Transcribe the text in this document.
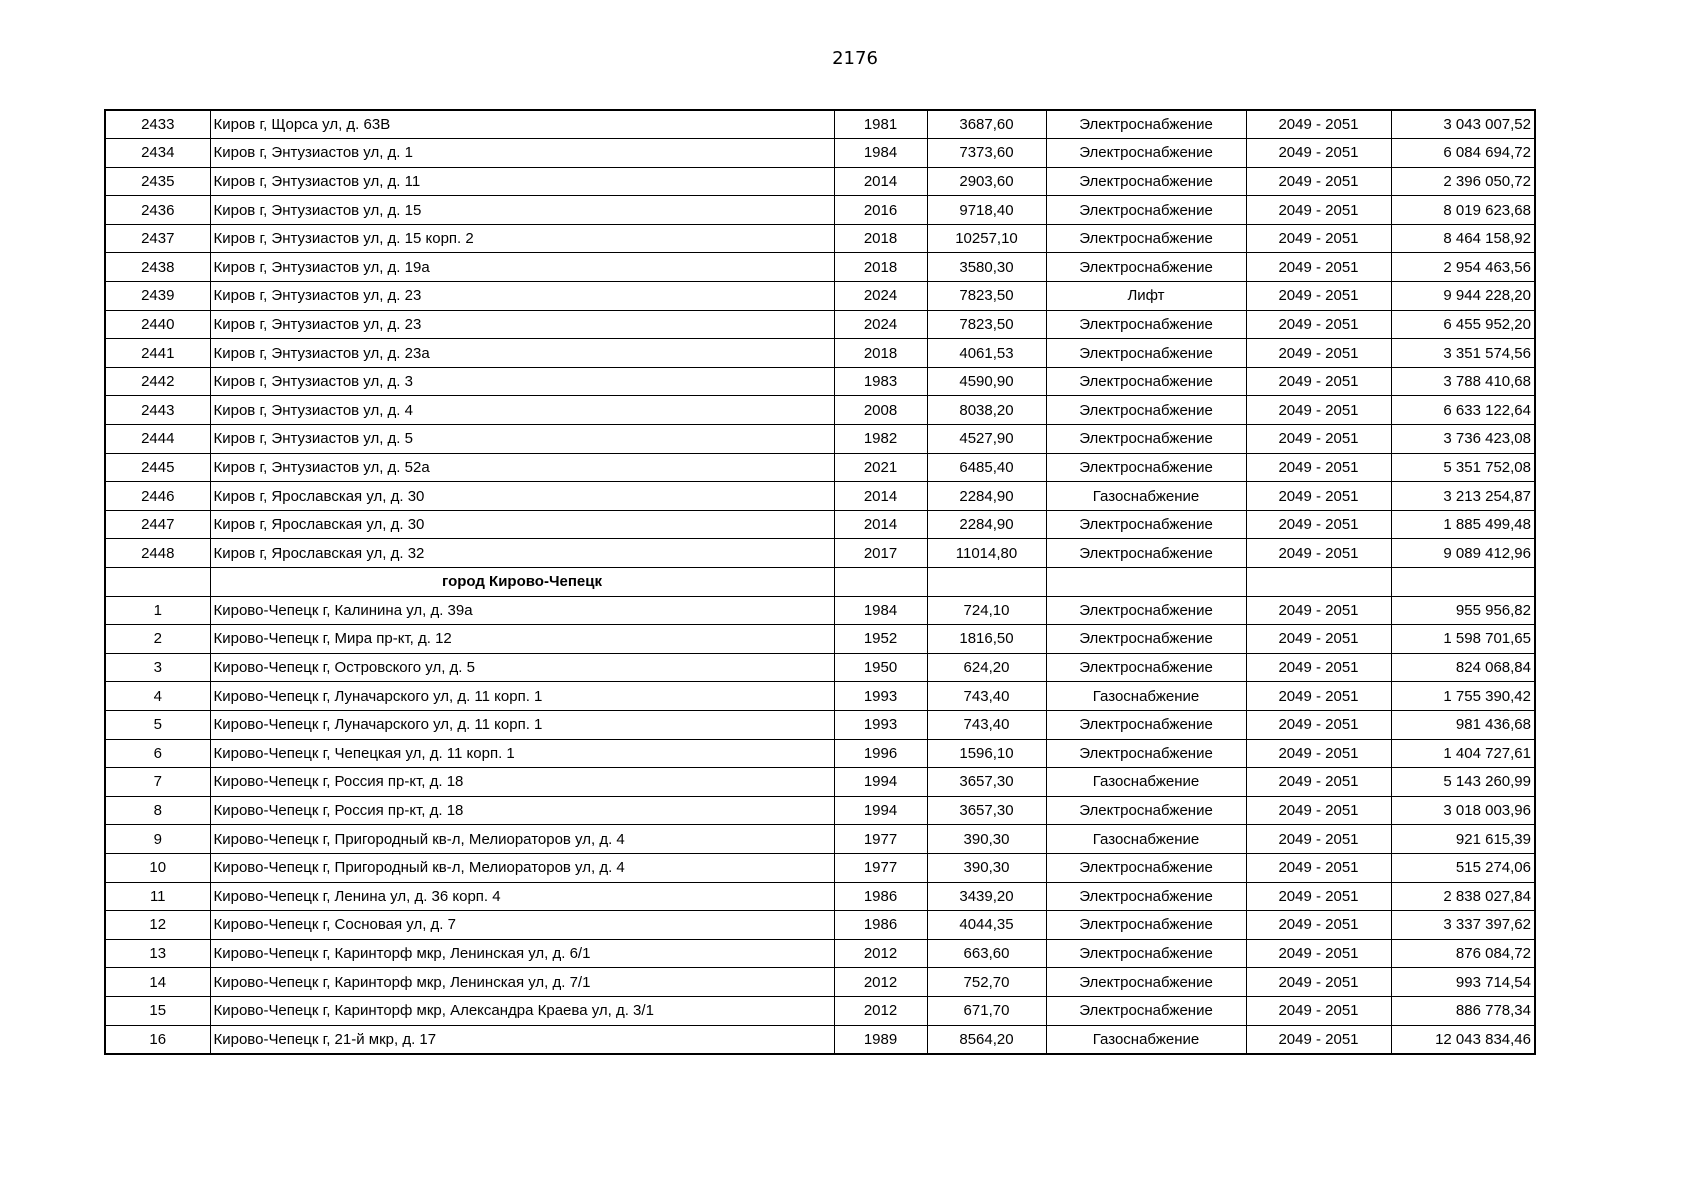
2176
2433	Киров г, Щорса ул, д. 63В	1981	3687,60	Электроснабжение	2049 - 2051	3 043 007,52
2434	Киров г, Энтузиастов ул, д. 1	1984	7373,60	Электроснабжение	2049 - 2051	6 084 694,72
2435	Киров г, Энтузиастов ул, д. 11	2014	2903,60	Электроснабжение	2049 - 2051	2 396 050,72
2436	Киров г, Энтузиастов ул, д. 15	2016	9718,40	Электроснабжение	2049 - 2051	8 019 623,68
2437	Киров г, Энтузиастов ул, д. 15 корп. 2	2018	10257,10	Электроснабжение	2049 - 2051	8 464 158,92
2438	Киров г, Энтузиастов ул, д. 19а	2018	3580,30	Электроснабжение	2049 - 2051	2 954 463,56
2439	Киров г, Энтузиастов ул, д. 23	2024	7823,50	Лифт	2049 - 2051	9 944 228,20
2440	Киров г, Энтузиастов ул, д. 23	2024	7823,50	Электроснабжение	2049 - 2051	6 455 952,20
2441	Киров г, Энтузиастов ул, д. 23а	2018	4061,53	Электроснабжение	2049 - 2051	3 351 574,56
2442	Киров г, Энтузиастов ул, д. 3	1983	4590,90	Электроснабжение	2049 - 2051	3 788 410,68
2443	Киров г, Энтузиастов ул, д. 4	2008	8038,20	Электроснабжение	2049 - 2051	6 633 122,64
2444	Киров г, Энтузиастов ул, д. 5	1982	4527,90	Электроснабжение	2049 - 2051	3 736 423,08
2445	Киров г, Энтузиастов ул, д. 52а	2021	6485,40	Электроснабжение	2049 - 2051	5 351 752,08
2446	Киров г, Ярославская ул, д. 30	2014	2284,90	Газоснабжение	2049 - 2051	3 213 254,87
2447	Киров г, Ярославская ул, д. 30	2014	2284,90	Электроснабжение	2049 - 2051	1 885 499,48
2448	Киров г, Ярославская ул, д. 32	2017	11014,80	Электроснабжение	2049 - 2051	9 089 412,96
	город Кирово-Чепецк					
1	Кирово-Чепецк г, Калинина ул, д. 39а	1984	724,10	Электроснабжение	2049 - 2051	955 956,82
2	Кирово-Чепецк г, Мира пр-кт, д. 12	1952	1816,50	Электроснабжение	2049 - 2051	1 598 701,65
3	Кирово-Чепецк г, Островского ул, д. 5	1950	624,20	Электроснабжение	2049 - 2051	824 068,84
4	Кирово-Чепецк г, Луначарского ул, д. 11 корп. 1	1993	743,40	Газоснабжение	2049 - 2051	1 755 390,42
5	Кирово-Чепецк г, Луначарского ул, д. 11 корп. 1	1993	743,40	Электроснабжение	2049 - 2051	981 436,68
6	Кирово-Чепецк г, Чепецкая ул, д. 11 корп. 1	1996	1596,10	Электроснабжение	2049 - 2051	1 404 727,61
7	Кирово-Чепецк г, Россия пр-кт, д. 18	1994	3657,30	Газоснабжение	2049 - 2051	5 143 260,99
8	Кирово-Чепецк г, Россия пр-кт, д. 18	1994	3657,30	Электроснабжение	2049 - 2051	3 018 003,96
9	Кирово-Чепецк г, Пригородный кв-л, Мелиораторов ул, д. 4	1977	390,30	Газоснабжение	2049 - 2051	921 615,39
10	Кирово-Чепецк г, Пригородный кв-л, Мелиораторов ул, д. 4	1977	390,30	Электроснабжение	2049 - 2051	515 274,06
11	Кирово-Чепецк г, Ленина ул, д. 36 корп. 4	1986	3439,20	Электроснабжение	2049 - 2051	2 838 027,84
12	Кирово-Чепецк г, Сосновая ул, д. 7	1986	4044,35	Электроснабжение	2049 - 2051	3 337 397,62
13	Кирово-Чепецк г, Каринторф мкр, Ленинская ул, д. 6/1	2012	663,60	Электроснабжение	2049 - 2051	876 084,72
14	Кирово-Чепецк г, Каринторф мкр, Ленинская ул, д. 7/1	2012	752,70	Электроснабжение	2049 - 2051	993 714,54
15	Кирово-Чепецк г, Каринторф мкр, Александра Краева ул, д. 3/1	2012	671,70	Электроснабжение	2049 - 2051	886 778,34
16	Кирово-Чепецк г, 21-й мкр, д. 17	1989	8564,20	Газоснабжение	2049 - 2051	12 043 834,46
